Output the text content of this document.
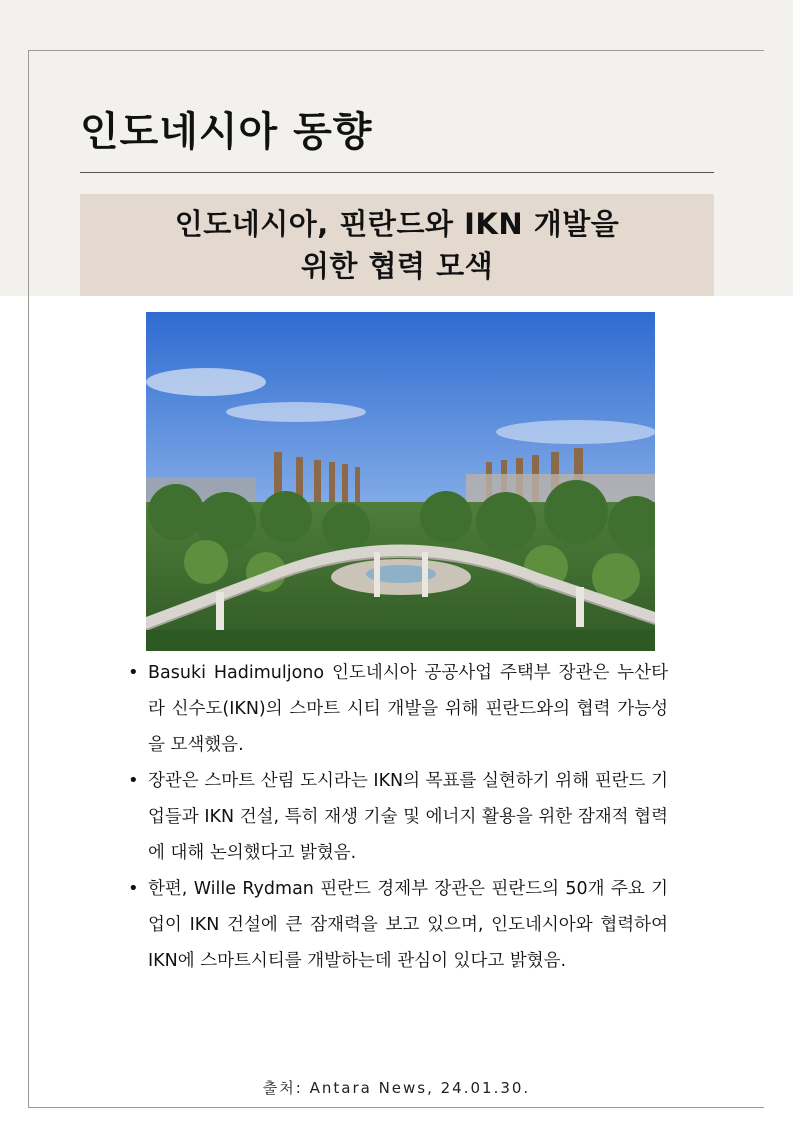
인도네시아 동향
인도네시아, 핀란드와 IKN 개발을
위한 협력 모색
• Basuki Hadimuljono 인도네시아 공공사업 주택부 장관은 누산타라 신수도(IKN)의 스마트 시티 개발을 위해 핀란드와의 협력 가능성을 모색했음.
• 장관은 스마트 산림 도시라는 IKN의 목표를 실현하기 위해 핀란드 기업들과 IKN 건설, 특히 재생 기술 및 에너지 활용을 위한 잠재적 협력에 대해 논의했다고 밝혔음.
• 한편, Wille Rydman 핀란드 경제부 장관은 핀란드의 50개 주요 기업이 IKN 건설에 큰 잠재력을 보고 있으며, 인도네시아와 협력하여 IKN에 스마트시티를 개발하는데 관심이 있다고 밝혔음.
출처: Antara News, 24.01.30.
